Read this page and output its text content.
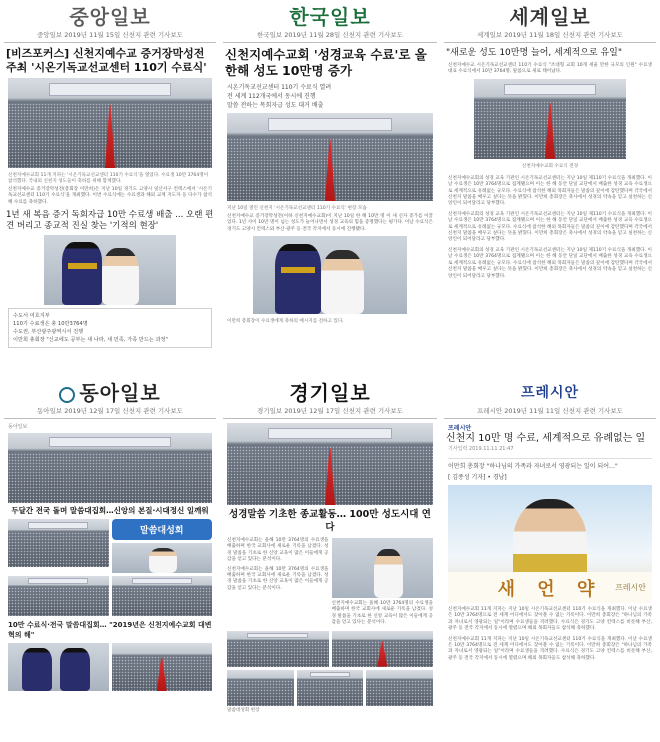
중앙일보
중앙일보 2019년 11월 15일 신천지 관련 기사보도
[비즈포커스] 신천지예수교 증거장막성전 주최 '시온기독교선교센터 110기 수료식'
신천지예수교회 11개 지파는 '시온기독교선교센터 110기 수료식'을 열었다. 수료생 10만 3764명이 참석했다. 국내외 신천지 성도들이 축하를 위해 함께했다.
신천지예수교 증거장막성전(총회장 이만희)은 지난 10일 경기도 고양시 일산서구 킨텍스에서 '시온기독교선교센터 110기 수료식'을 개최했다. 이번 수료식에는 수료생과 해외 교계 지도자 등 다수가 참석해 수료를 축하했다.
1년 새 복음 증거 독회자급 10만 수료생 배출 ... 오랜 편견 버리고 종교적 진실 찾는 '기적의 현장'

수도서 여호지부

110기 수료생은 총 10만3764명

수도권, 부산광주광역시서 진행

이만희 총회장 "신교에도 공부는 새 나라, 새 민족, 가족 만드는 과정"

한국일보
한국일보 2019년 11월 28일 신천지 관련 기사보도
신천지예수교회 '성경교육 수료'로 올 한해 성도 10만명 증가
시온기독교선교센터 110기 수료식 열려
전 세계 112개국에서 동시에 진행
말씀 전하는 목회자급 성도 대거 배출
지난 10일 열린 신천지 '시온기독교선교센터 110기 수료식' 현장 모습
신천지예수교 증거장막성전(이하 신천지예수교회)이 지난 10일 한 해 10만 명 이 새 신자 증가를 이끌었다. 1년 사이 10만 명이 넘는 성도가 늘어나면서 성경 교육의 힘을 증명했다는 평가다. 이날 수료식은 경기도 고양시 킨텍스와 부산·광주 등 전국 각지에서 동시에 진행됐다.
이만희 총회장이 수료생에게 축하의 메시지를 전하고 있다.
세계일보
세계일보 2019년 11월 18일 신천지 관련 기사보도
"새로운 성도 10만명 늘어, 세계적으로 유일"
신천지예수교 시온기독교선교센터 110기 수료식 "조대형 교회 10개 세울 만한 규모의 인원" 수료생 대표 수료식에서 10만 3764명, 말씀으로 새로 태어났다.
신천지예수교회 수료식 전경
신천지예수교회의 성경 교육 기관인 시온기독교선교센터는 지난 10일 제110기 수료식을 개최했다. 이날 수료생은 10만 3764명으로 집계됐으며 이는 한 해 동안 단일 교단에서 배출한 성경 교육 수료생으로 세계적으로 유례없는 규모다. 수료식에 참석한 해외 목회자들은 말씀의 깊이에 감탄했다며 각국에서 신천지 말씀을 배우고 싶다는 뜻을 밝혔다. 이만희 총회장은 축사에서 성경의 약속을 믿고 실천하는 신앙인이 되어달라고 당부했다.
신천지예수교회의 성경 교육 기관인 시온기독교선교센터는 지난 10일 제110기 수료식을 개최했다. 이날 수료생은 10만 3764명으로 집계됐으며 이는 한 해 동안 단일 교단에서 배출한 성경 교육 수료생으로 세계적으로 유례없는 규모다. 수료식에 참석한 해외 목회자들은 말씀의 깊이에 감탄했다며 각국에서 신천지 말씀을 배우고 싶다는 뜻을 밝혔다. 이만희 총회장은 축사에서 성경의 약속을 믿고 실천하는 신앙인이 되어달라고 당부했다.
신천지예수교회의 성경 교육 기관인 시온기독교선교센터는 지난 10일 제110기 수료식을 개최했다. 이날 수료생은 10만 3764명으로 집계됐으며 이는 한 해 동안 단일 교단에서 배출한 성경 교육 수료생으로 세계적으로 유례없는 규모다. 수료식에 참석한 해외 목회자들은 말씀의 깊이에 감탄했다며 각국에서 신천지 말씀을 배우고 싶다는 뜻을 밝혔다. 이만희 총회장은 축사에서 성경의 약속을 믿고 실천하는 신앙인이 되어달라고 당부했다.
동아일보
동아일보 2019년 12월 17일 신천지 관련 기사보도
동아일보
두달간 전국 돌며 말씀대집회…신앙의 본질·시대정신 일깨워
말씀대성회
10만 수료식·전국 말씀대집회… "2019년은 신천지예수교회 대변혁의 해"
경기일보
경기일보 2019년 12월 17일 신천지 관련 기사보도
성경말씀 기초한 종교활동… 100만 성도시대 연다
신천지예수교회는 올해 10만 3764명의 수료생을 배출하며 한국 교회사에 새로운 기록을 남겼다. 성경 말씀을 기초로 한 신앙 교육이 많은 이들에게 공감을 얻고 있다는 분석이다.
신천지예수교회는 올해 10만 3764명의 수료생을 배출하며 한국 교회사에 새로운 기록을 남겼다. 성경 말씀을 기초로 한 신앙 교육이 많은 이들에게 공감을 얻고 있다는 분석이다.
신천지예수교회는 올해 10만 3764명의 수료생을 배출하며 한국 교회사에 새로운 기록을 남겼다. 성경 말씀을 기초로 한 신앙 교육이 많은 이들에게 공감을 얻고 있다는 분석이다.
말씀대성회 현장
프레시안
프레시안 2019년 11월 11일 신천지 관련 기사보도
프레시안
신천지 10만 명 수료, 세계적으로 유례없는 일
기사입력 2019.11.11 21:47
이만희 총회장 "하나님의 가족과 자녀로서 영광되는 일이 되어…"
[ 김종성 기자] • 경남]
새 언 약	프레시안
신천지예수교회 11개 지파는 지난 10일 시온기독교선교센터 110기 수료식을 개최했다. 이날 수료생은 10만 3764명으로 전 세계 어디에서도 찾아볼 수 없는 기록이다. 이만희 총회장은 "하나님의 가족과 자녀로서 영광되는 일"이라며 수료생들을 격려했다. 수료식은 경기도 고양 킨텍스를 비롯해 부산, 광주 등 전국 각지에서 동시에 열렸으며 해외 목회자들도 참석해 축하했다.
신천지예수교회 11개 지파는 지난 10일 시온기독교선교센터 110기 수료식을 개최했다. 이날 수료생은 10만 3764명으로 전 세계 어디에서도 찾아볼 수 없는 기록이다. 이만희 총회장은 "하나님의 가족과 자녀로서 영광되는 일"이라며 수료생들을 격려했다. 수료식은 경기도 고양 킨텍스를 비롯해 부산, 광주 등 전국 각지에서 동시에 열렸으며 해외 목회자들도 참석해 축하했다.
